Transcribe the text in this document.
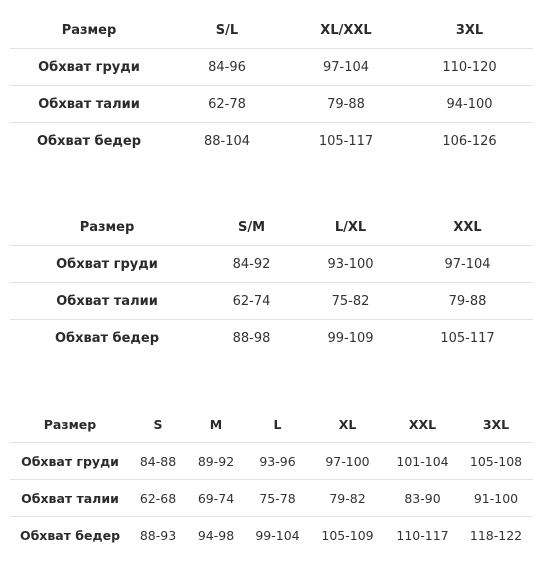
Размер	S/L	XL/XXL	3XL
Обхват груди	84-96	97-104	110-120
Обхват талии	62-78	79-88	94-100
Обхват бедер	88-104	105-117	106-126
Размер	S/M	L/XL	XXL
Обхват груди	84-92	93-100	97-104
Обхват талии	62-74	75-82	79-88
Обхват бедер	88-98	99-109	105-117
Размер	S	M	L	XL	XXL	3XL
Обхват груди	84-88	89-92	93-96	97-100	101-104	105-108
Обхват талии	62-68	69-74	75-78	79-82	83-90	91-100
Обхват бедер	88-93	94-98	99-104	105-109	110-117	118-122
